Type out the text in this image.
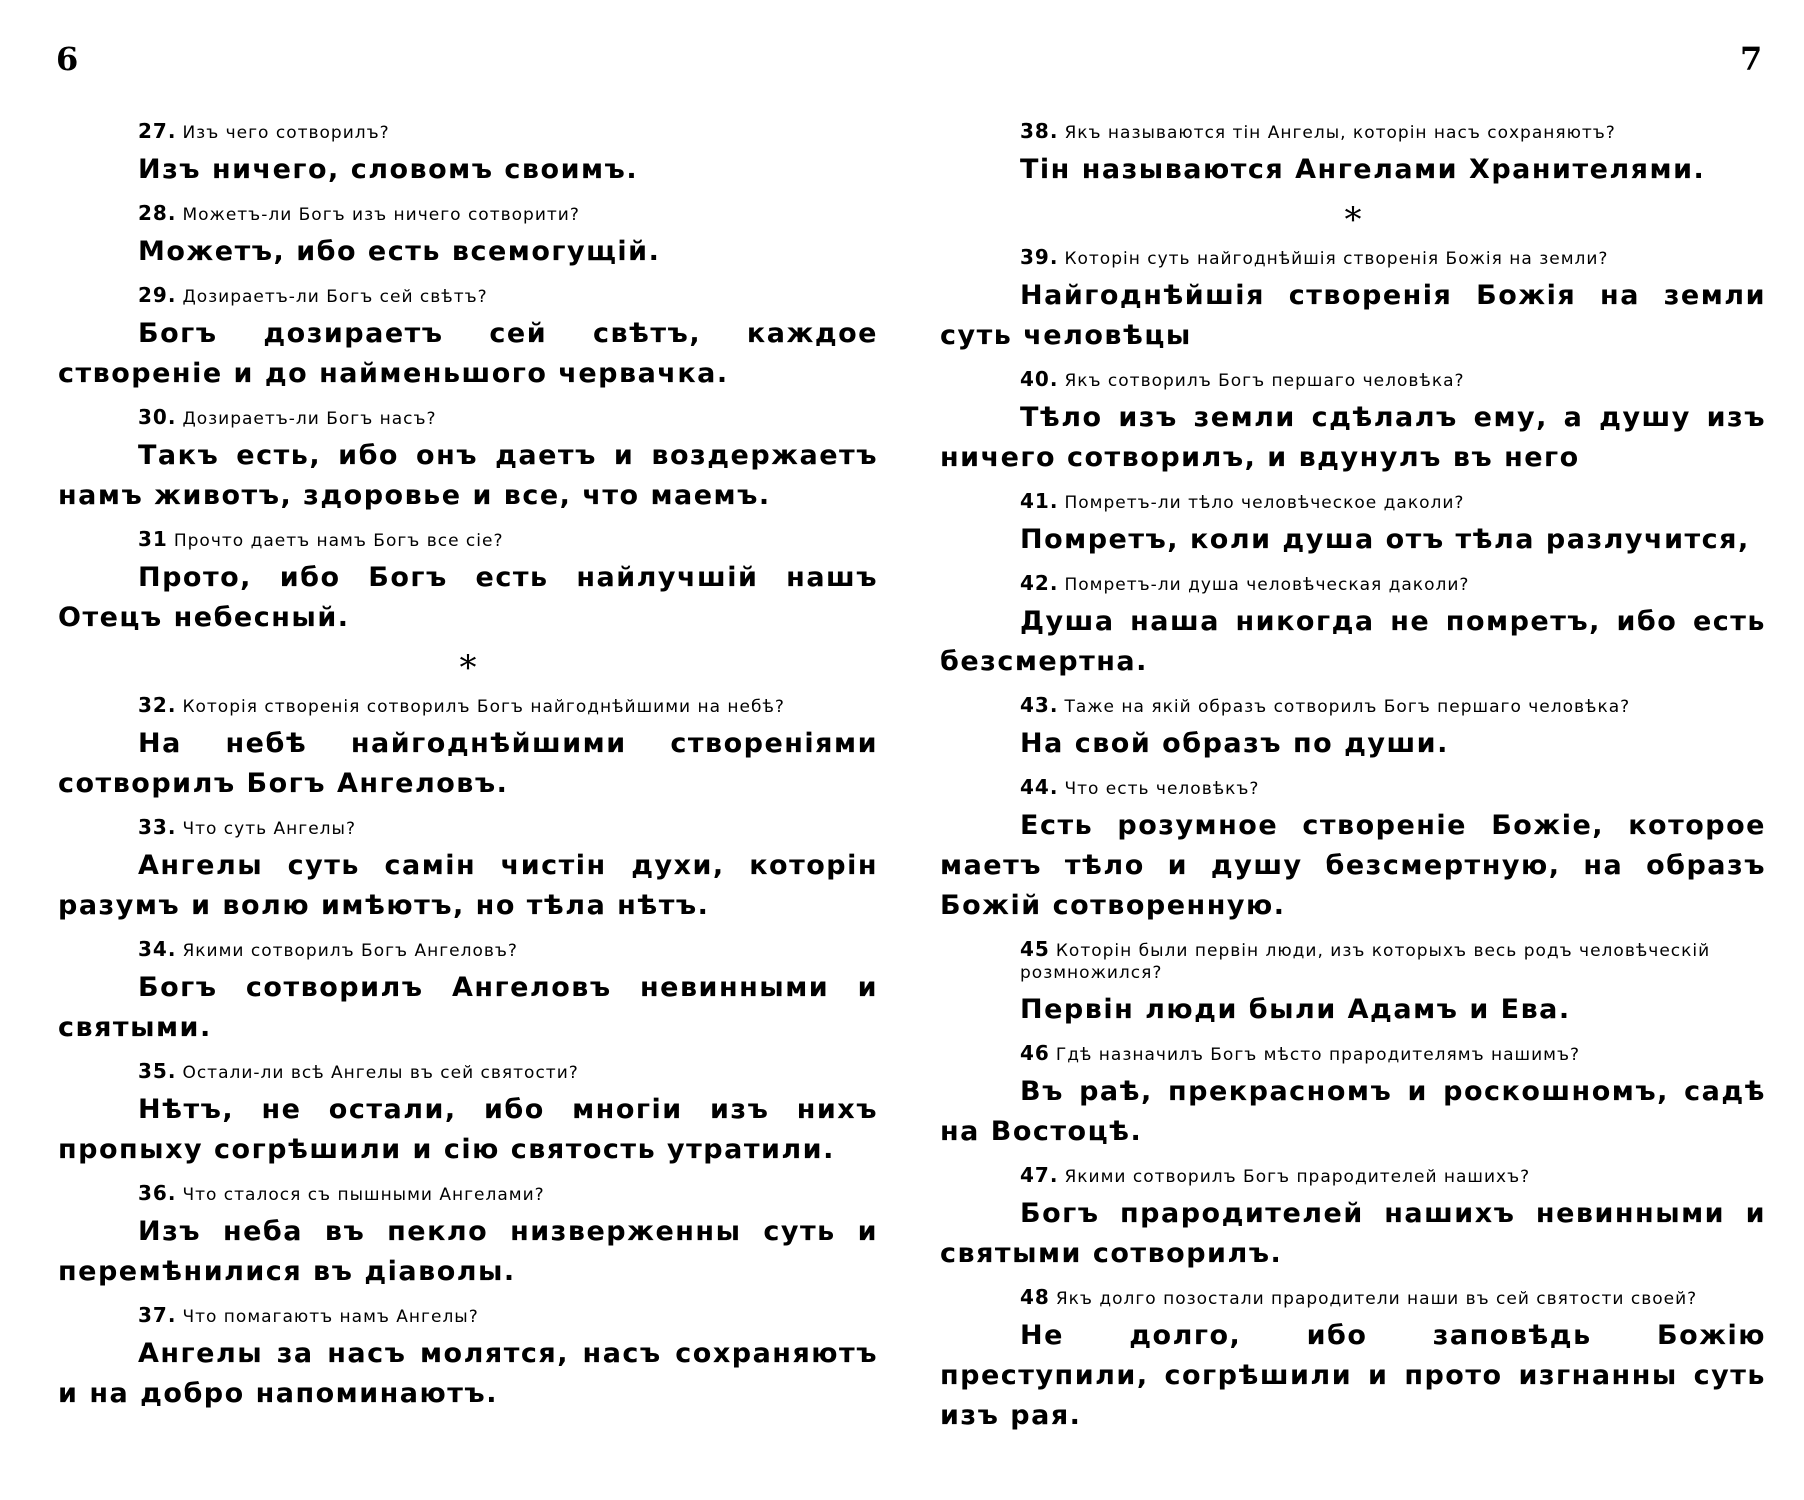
6	7
27. Изъ чего сотворилъ?
Изъ ничего, словомъ своимъ.
28. Можетъ-ли Богъ изъ ничего сотворити?
Можетъ, ибо есть всемогущій.
29. Дозираетъ-ли Богъ сей свѣтъ?
Богъ дозираетъ сей свѣтъ, каждое створеніе и до найменьшого червачка.
30. Дозираетъ-ли Богъ насъ?
Такъ есть, ибо онъ даетъ и воздержаетъ намъ животъ, здоровье и все, что маемъ.
31 Прочто даетъ намъ Богъ все сіе?
Прото, ибо Богъ есть найлучшій нашъ Отецъ небесный.
*
32. Которія створенія сотворилъ Богъ найгоднѣйшими на небѣ?
На небѣ найгоднѣйшими створеніями сотворилъ Богъ Ангеловъ.
33. Что суть Ангелы?
Ангелы суть самін чистін духи, которін разумъ и волю имѣютъ, но тѣла нѣтъ.
34. Якими сотворилъ Богъ Ангеловъ?
Богъ сотворилъ Ангеловъ невинными и святыми.
35. Остали-ли всѣ Ангелы въ сей святости?
Нѣтъ, не остали, ибо многіи изъ нихъ пропыху согрѣшили и сію святость утратили.
36. Что сталося съ пышными Ангелами?
Изъ неба въ пекло низверженны суть и перемѣнилися въ діаволы.
37. Что помагаютъ намъ Ангелы?
Ангелы за насъ молятся, насъ сохраняютъ и на добро напоминаютъ.
38. Якъ называются тін Ангелы, которін насъ сохраняютъ?
Тін называются Ангелами Хранителями.
*
39. Которін суть найгоднѣйшія створенія Божія на земли?
Найгоднѣйшія створенія Божія на земли суть человѣцы
40. Якъ сотворилъ Богъ першаго человѣка?
Тѣло изъ земли сдѣлалъ ему, а душу изъ ничего сотворилъ, и вдунулъ въ него
41. Помретъ-ли тѣло человѣческое даколи?
Помретъ, коли душа отъ тѣла разлучится,
42. Помретъ-ли душа человѣческая даколи?
Душа наша никогда не помретъ, ибо есть безсмертна.
43. Таже на якій образъ сотворилъ Богъ першаго человѣка?
На свой образъ по души.
44. Что есть человѣкъ?
Есть розумное створеніе Божіе, которое маетъ тѣло и душу безсмертную, на образъ Божій сотворенную.
45 Которін были первін люди, изъ которыхъ весь родъ человѣческій розмножился?
Первін люди были Адамъ и Ева.
46 Гдѣ назначилъ Богъ мѣсто прародителямъ нашимъ?
Въ раѣ, прекрасномъ и роскошномъ, садѣ на Востоцѣ.
47. Якими сотворилъ Богъ прародителей нашихъ?
Богъ прародителей нашихъ невинными и святыми сотворилъ.
48 Якъ долго позостали прародители наши въ сей святости своей?
Не долго, ибо заповѣдь Божію преступили, согрѣшили и прото изгнанны суть изъ рая.
